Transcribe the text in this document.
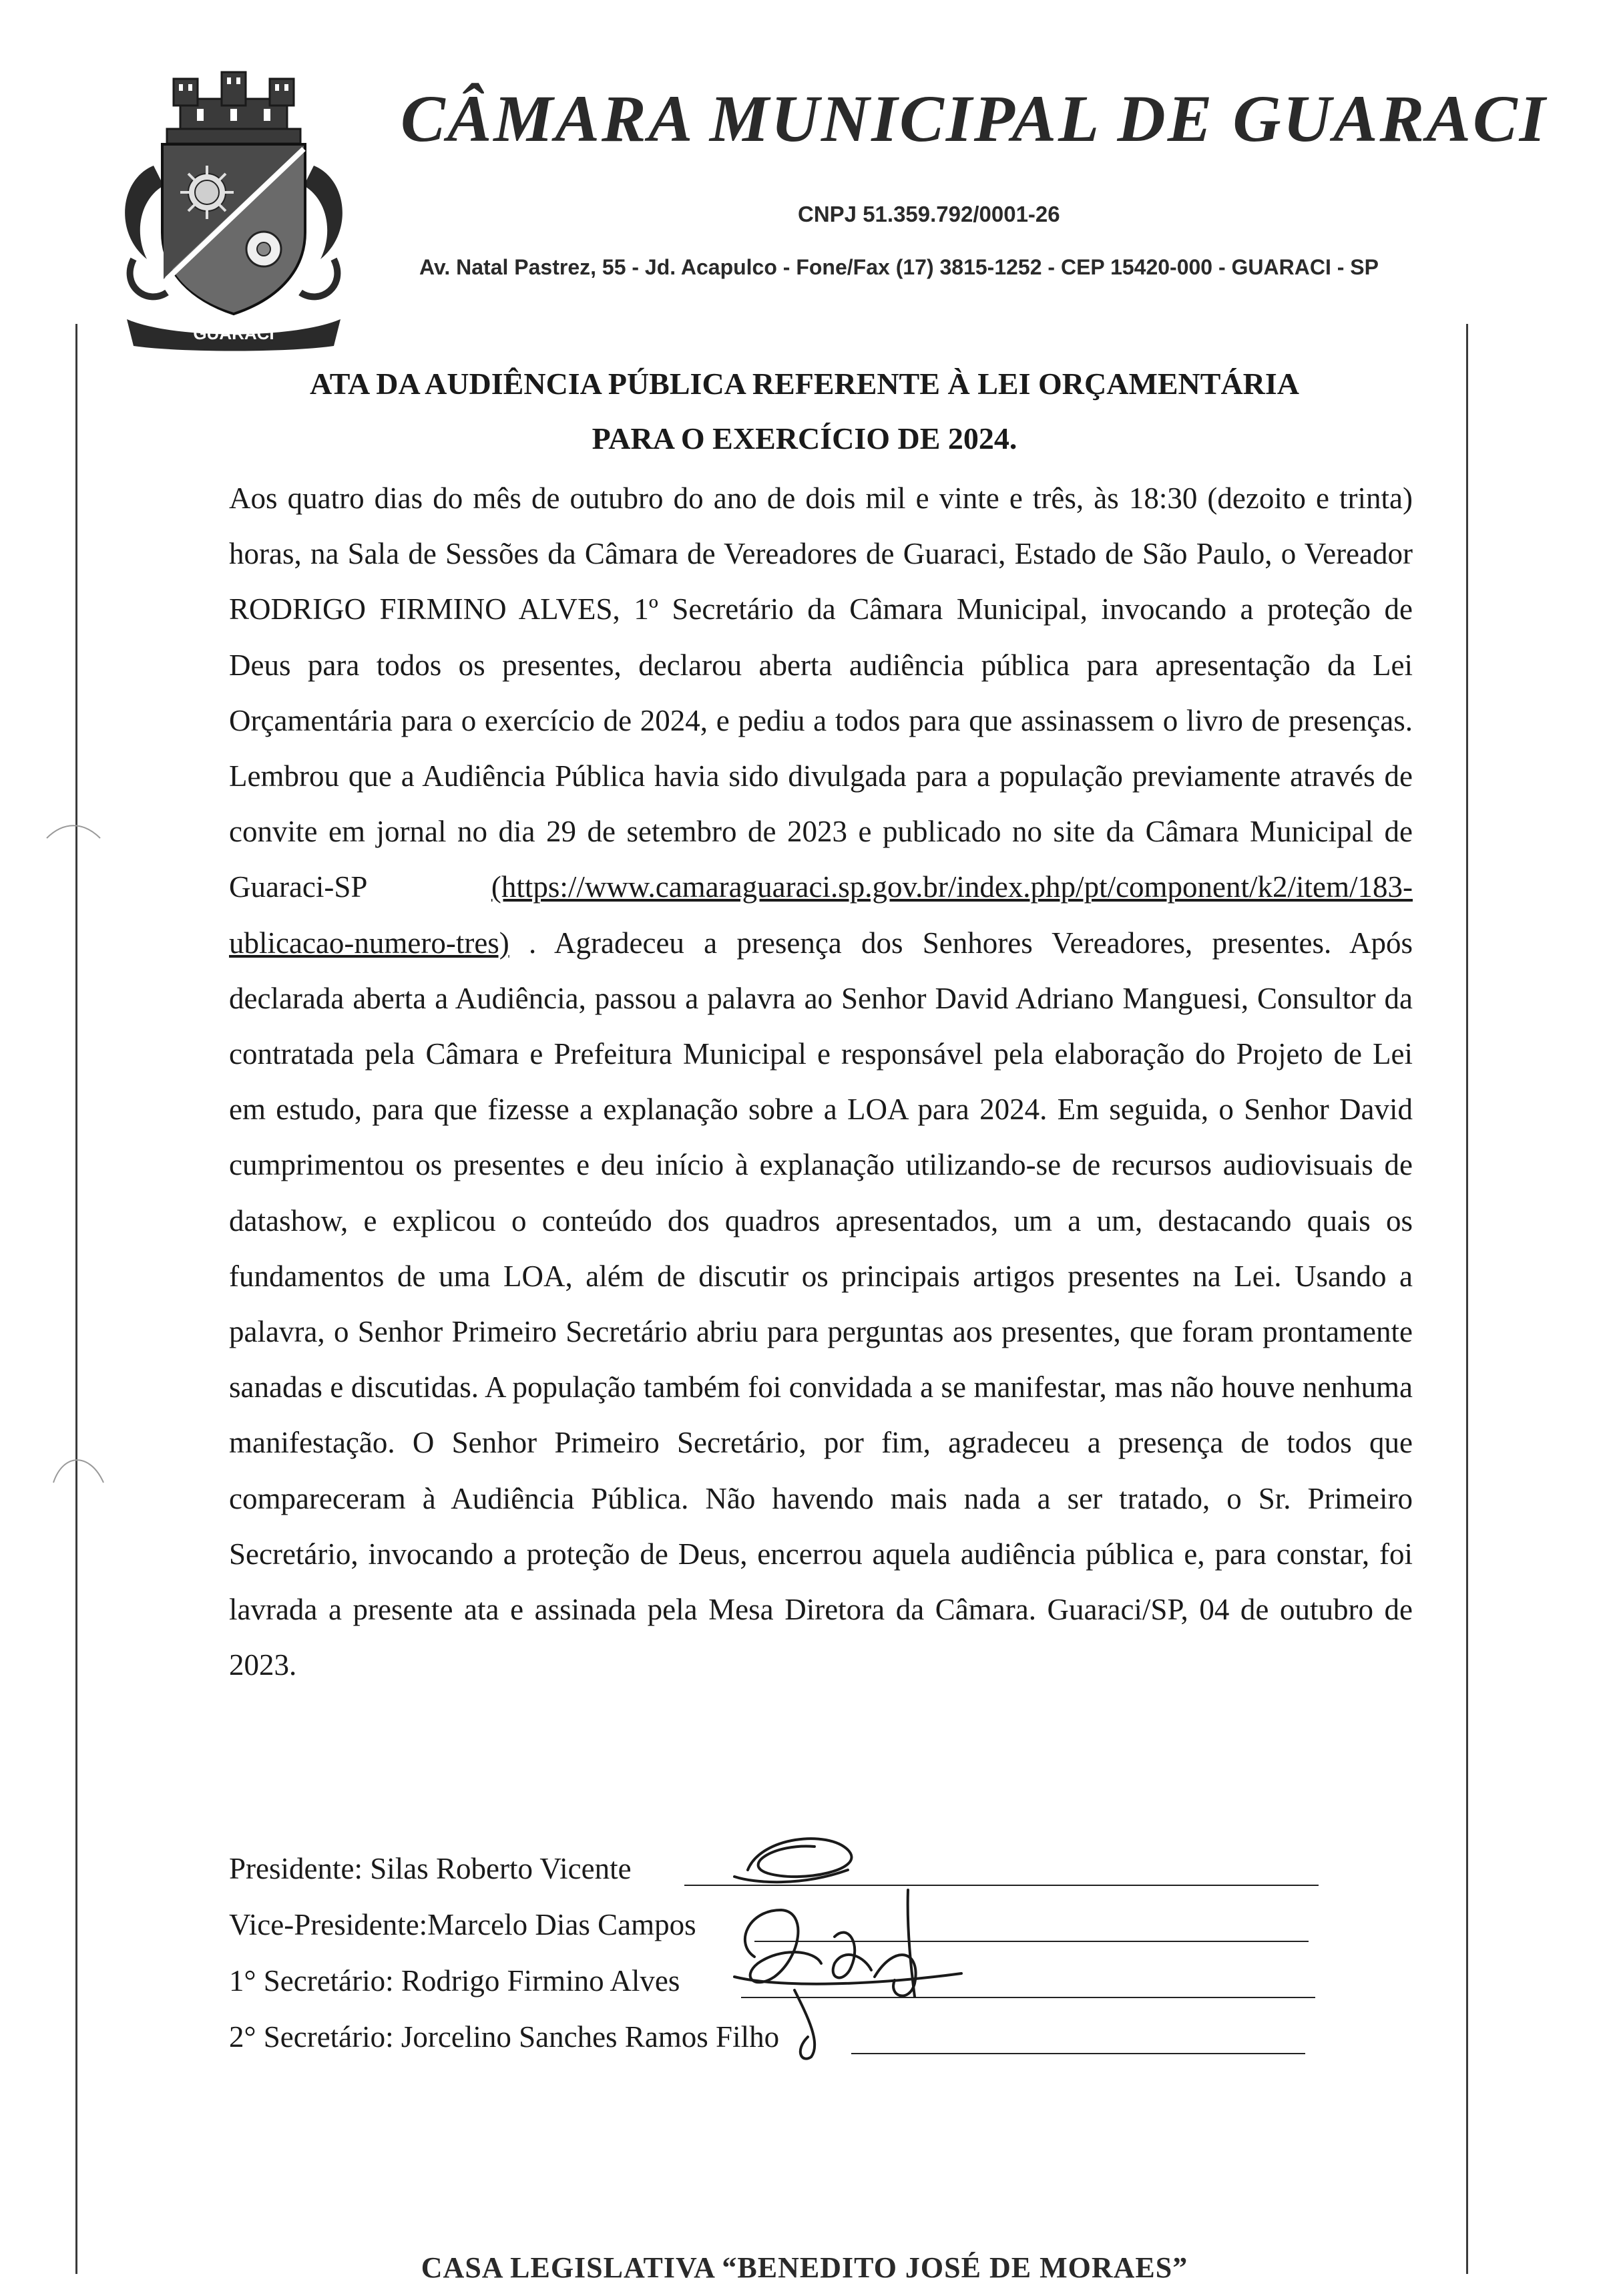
GUARACI
CÂMARA MUNICIPAL DE GUARACI
CNPJ 51.359.792/0001-26
Av. Natal Pastrez, 55 - Jd. Acapulco - Fone/Fax (17) 3815-1252 - CEP 15420-000 - GUARACI - SP
ATA DA AUDIÊNCIA PÚBLICA REFERENTE À LEI ORÇAMENTÁRIA
PARA O EXERCÍCIO DE 2024.
Aos quatro dias do mês de outubro do ano de dois mil e vinte e três, às 18:30 (dezoito e trinta) horas, na Sala de Sessões da Câmara de Vereadores de Guaraci, Estado de São Paulo, o Vereador RODRIGO FIRMINO ALVES, 1º Secretário da Câmara Municipal, invocando a proteção de Deus para todos os presentes, declarou aberta audiência pública para apresentação da Lei Orçamentária para o exercício de 2024, e pediu a todos para que assinassem o livro de presenças. Lembrou que a Audiência Pública havia sido divulgada para a população previamente através de convite em jornal no dia 29 de setembro de 2023 e publicado no site da Câmara Municipal de Guaraci-SP (https://www.camaraguaraci.sp.gov.br/index.php/pt/component/k2/item/183-ublicacao-numero-tres) . Agradeceu a presença dos Senhores Vereadores, presentes. Após declarada aberta a Audiência, passou a palavra ao Senhor David Adriano Manguesi, Consultor da contratada pela Câmara e Prefeitura Municipal e responsável pela elaboração do Projeto de Lei em estudo, para que fizesse a explanação sobre a LOA para 2024. Em seguida, o Senhor David cumprimentou os presentes e deu início à explanação utilizando-se de recursos audiovisuais de datashow, e explicou o conteúdo dos quadros apresentados, um a um, destacando quais os fundamentos de uma LOA, além de discutir os principais artigos presentes na Lei. Usando a palavra, o Senhor Primeiro Secretário abriu para perguntas aos presentes, que foram prontamente sanadas e discutidas. A população também foi convidada a se manifestar, mas não houve nenhuma manifestação. O Senhor Primeiro Secretário, por fim, agradeceu a presença de todos que compareceram à Audiência Pública. Não havendo mais nada a ser tratado, o Sr. Primeiro Secretário, invocando a proteção de Deus, encerrou aquela audiência pública e, para constar, foi lavrada a presente ata e assinada pela Mesa Diretora da Câmara. Guaraci/SP, 04 de outubro de 2023.
Presidente: Silas Roberto Vicente
Vice-Presidente:Marcelo Dias Campos
1° Secretário: Rodrigo Firmino Alves
2° Secretário: Jorcelino Sanches Ramos Filho
CASA LEGISLATIVA “BENEDITO JOSÉ DE MORAES”
